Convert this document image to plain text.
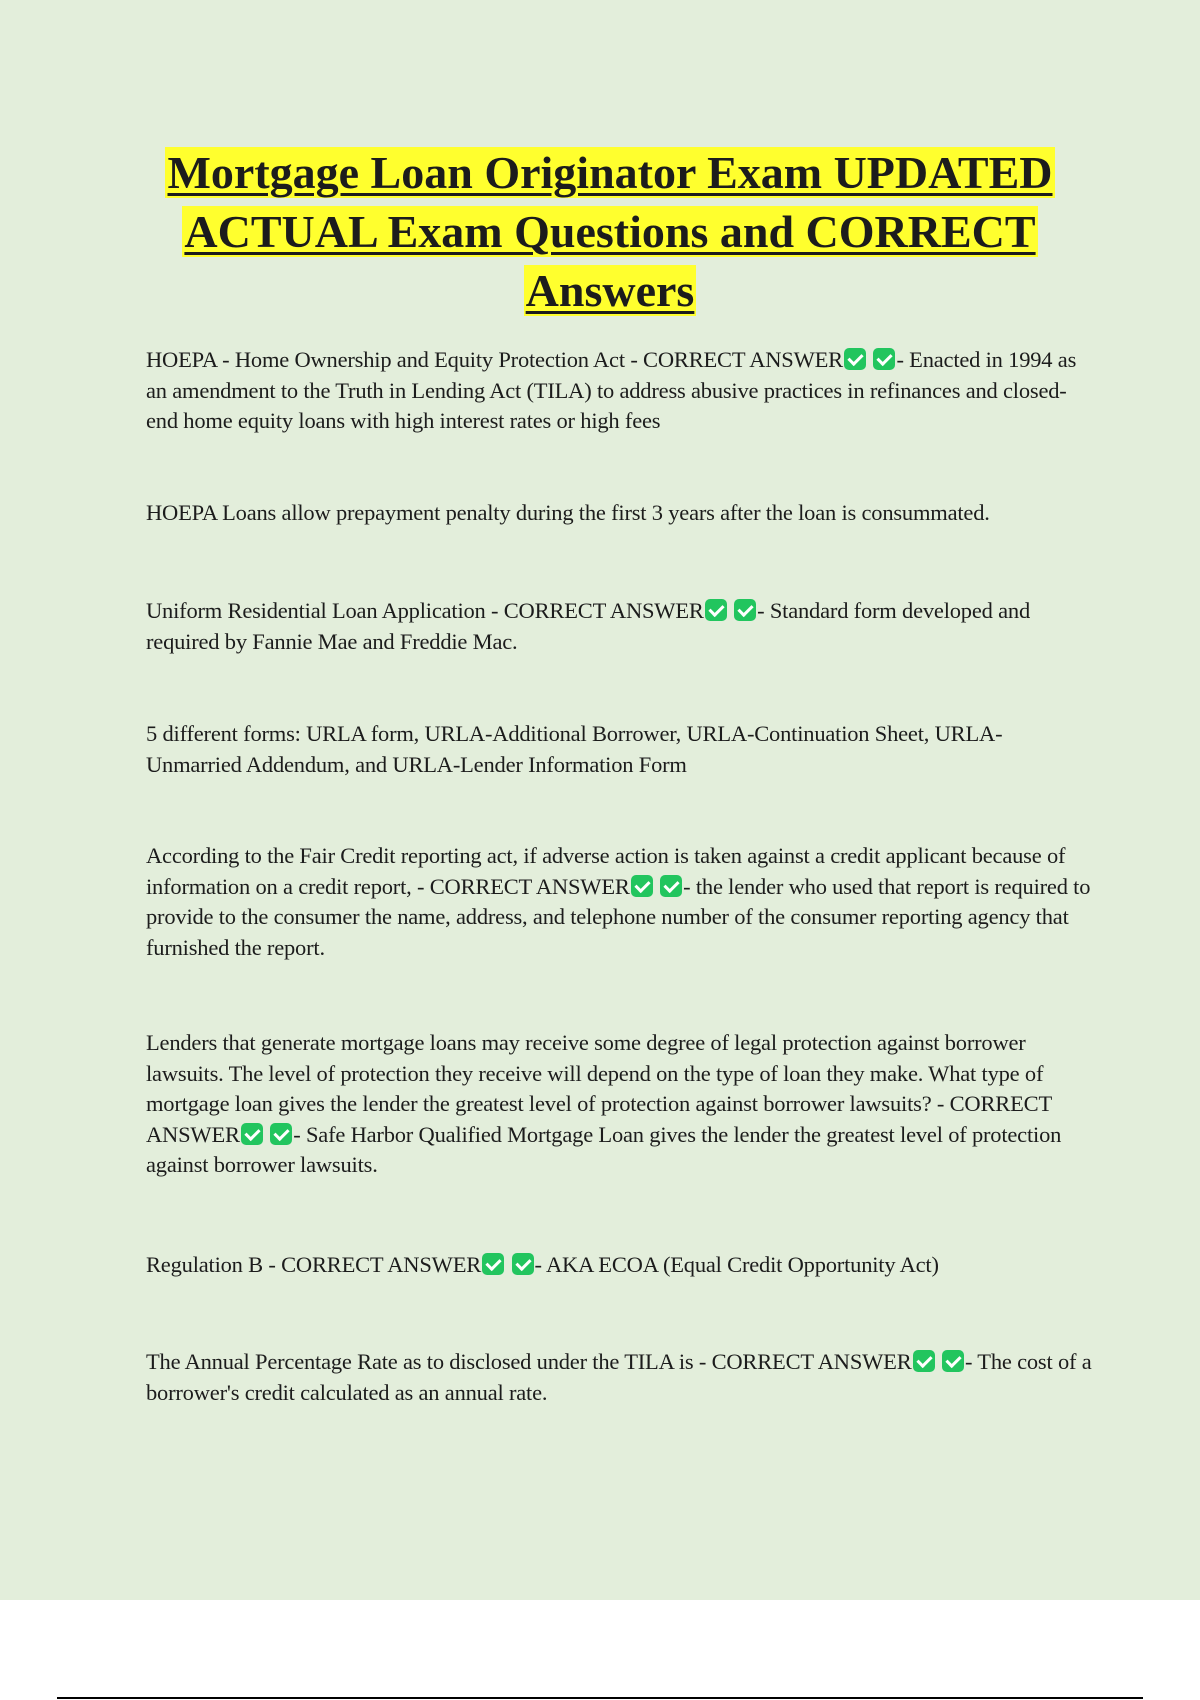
Mortgage Loan Originator Exam UPDATED ACTUAL Exam Questions and CORRECT Answers

HOEPA - Home Ownership and Equity Protection Act - CORRECT ANSWER - Enacted in 1994 as an amendment to the Truth in Lending Act (TILA) to address abusive practices in refinances and closed-end home equity loans with high interest rates or high fees

HOEPA Loans allow prepayment penalty during the first 3 years after the loan is consummated.

Uniform Residential Loan Application - CORRECT ANSWER - Standard form developed and required by Fannie Mae and Freddie Mac.

5 different forms: URLA form, URLA-Additional Borrower, URLA-Continuation Sheet, URLA-Unmarried Addendum, and URLA-Lender Information Form

According to the Fair Credit reporting act, if adverse action is taken against a credit applicant because of information on a credit report, - CORRECT ANSWER - the lender who used that report is required to provide to the consumer the name, address, and telephone number of the consumer reporting agency that furnished the report.

Lenders that generate mortgage loans may receive some degree of legal protection against borrower lawsuits. The level of protection they receive will depend on the type of loan they make. What type of mortgage loan gives the lender the greatest level of protection against borrower lawsuits? - CORRECT ANSWER - Safe Harbor Qualified Mortgage Loan gives the lender the greatest level of protection against borrower lawsuits.

Regulation B - CORRECT ANSWER - AKA ECOA (Equal Credit Opportunity Act)

The Annual Percentage Rate as to disclosed under the TILA is - CORRECT ANSWER - The cost of a borrower's credit calculated as an annual rate.
